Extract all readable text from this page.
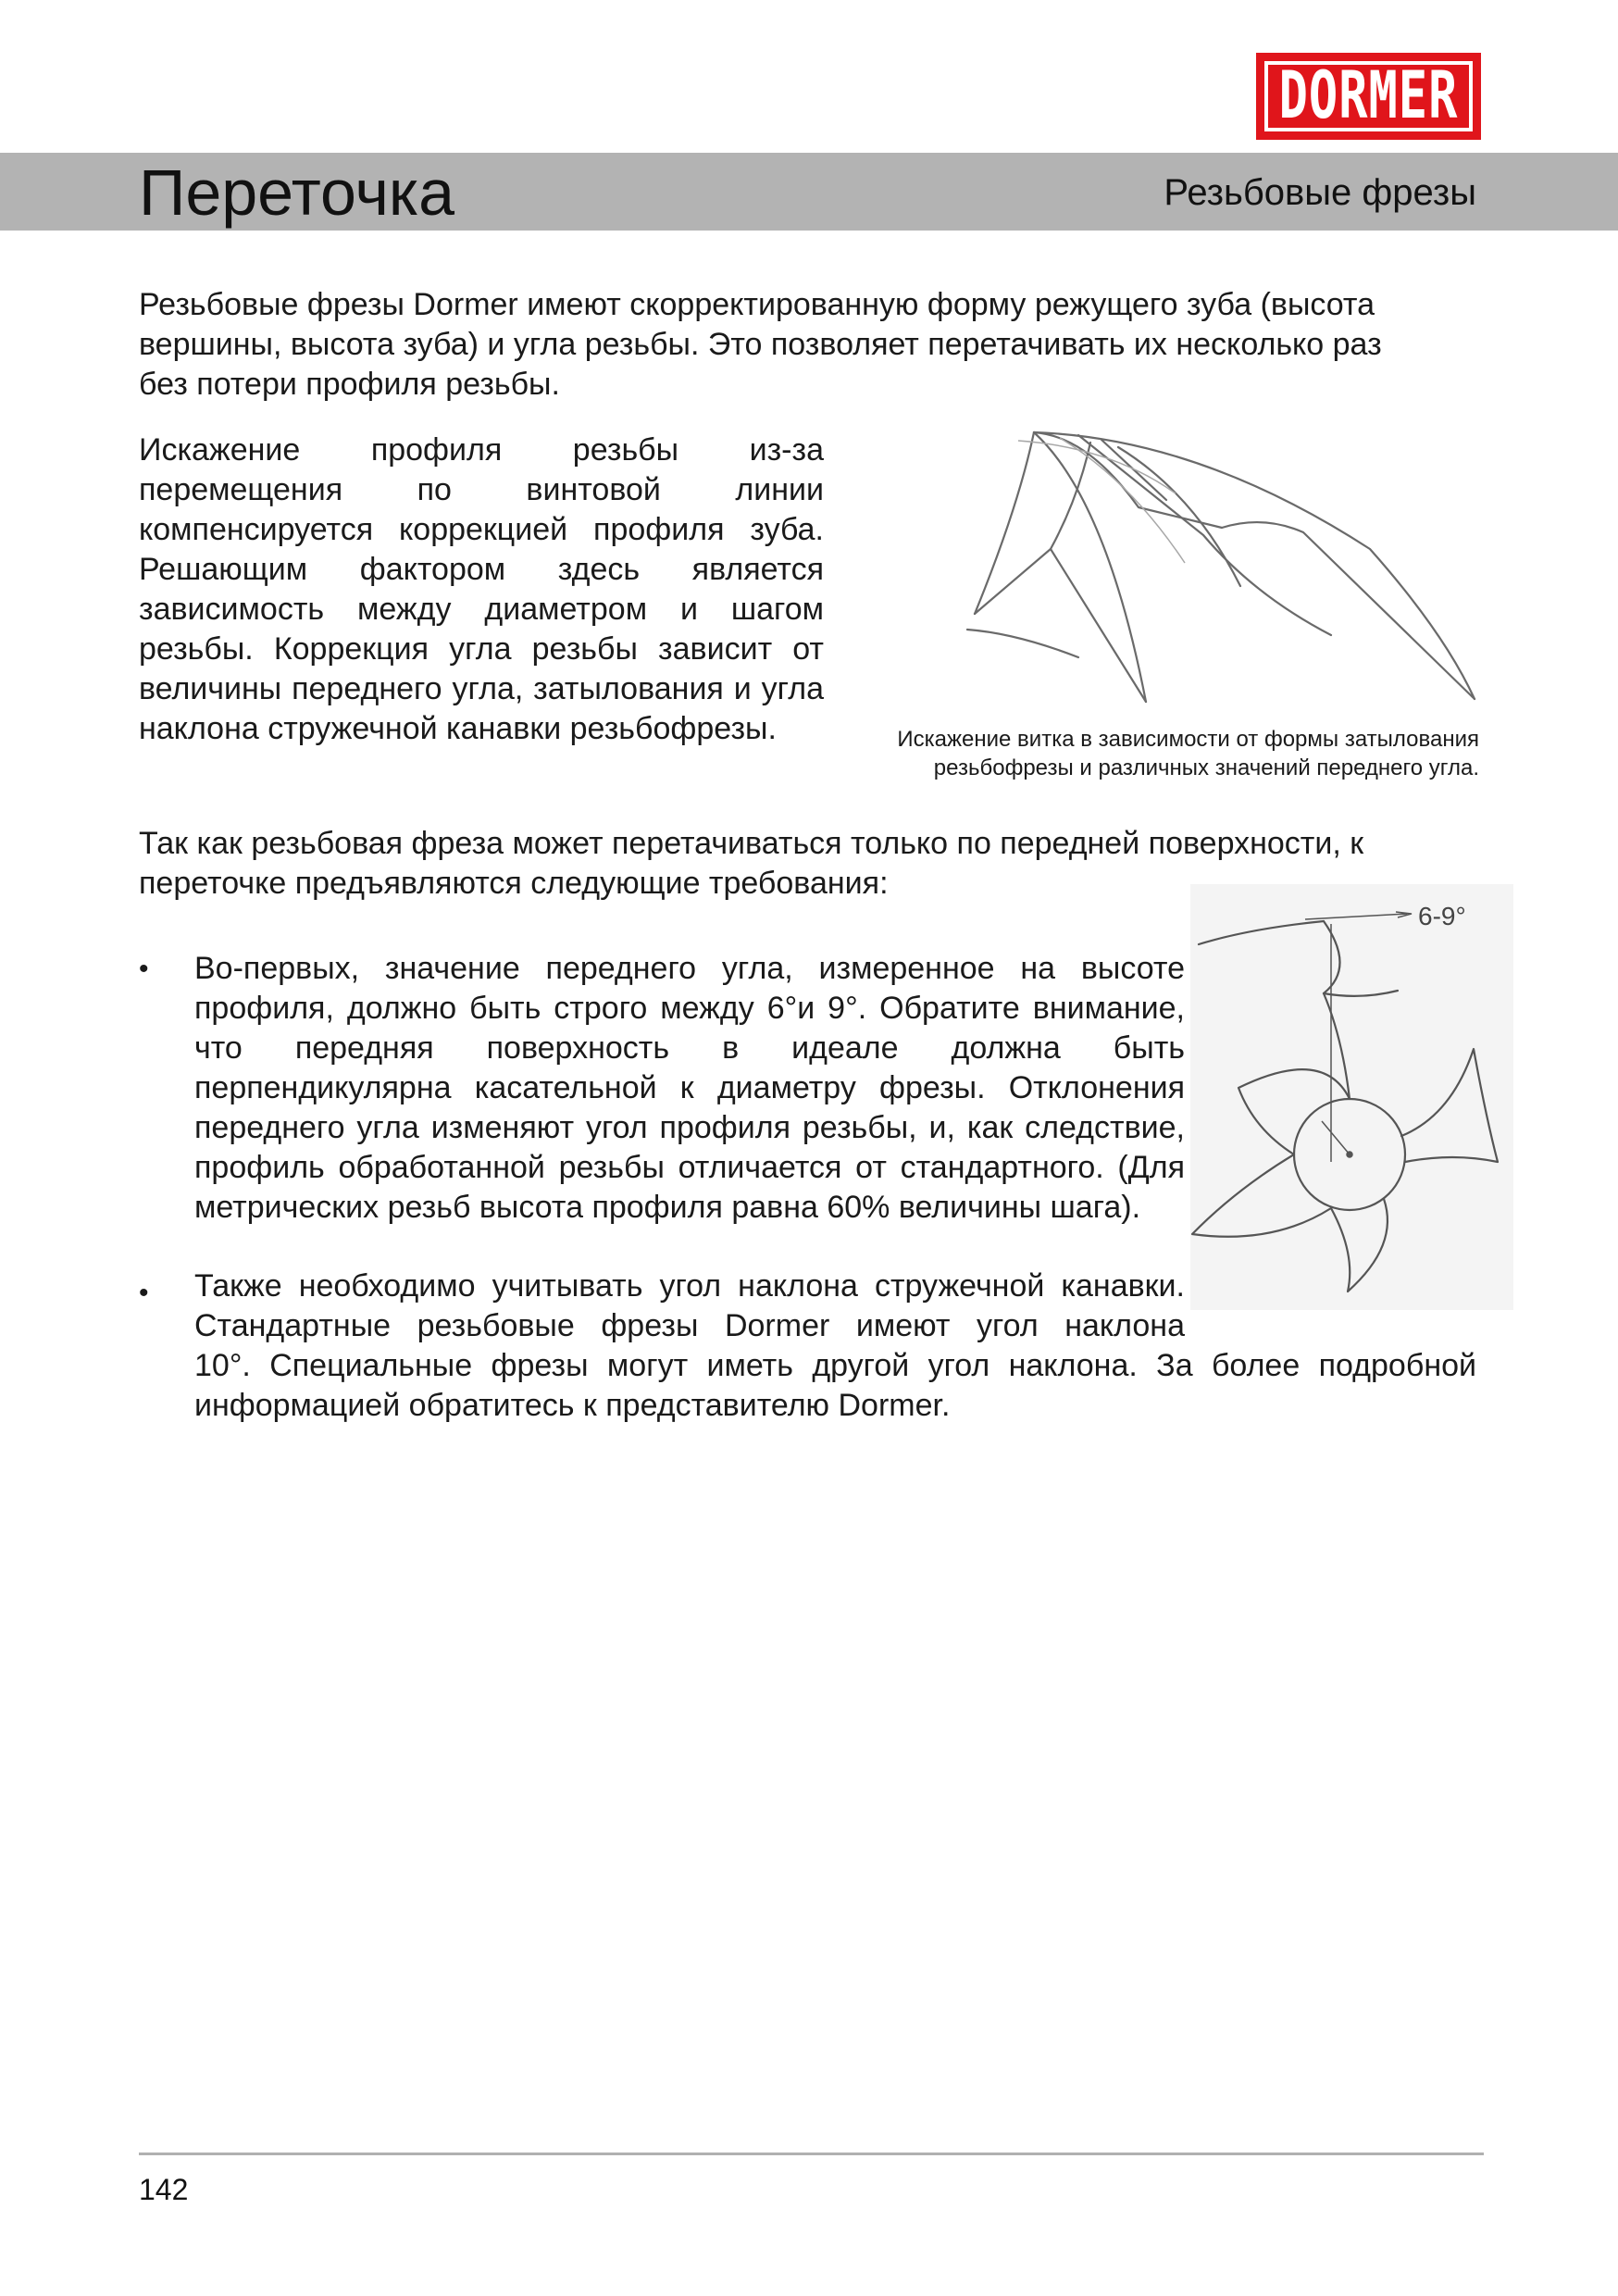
DORMER
Переточка	Резьбовые фрезы
Резьбовые фрезы Dormer имеют скорректированную форму режущего зуба (высота вершины, высота зуба) и угла резьбы. Это позволяет перетачивать их несколько раз без потери профиля резьбы.
Искажение профиля резьбы из-за перемещения по винтовой линии компенсируется коррекцией профиля зуба. Решающим фактором здесь является зависимость между диаметром и шагом резьбы. Коррекция угла резьбы зависит от величины переднего угла, затылования и угла наклона стружечной канавки резьбофрезы.	Искажение витка в зависимости от формы затылования
резьбофрезы и различных значений переднего угла.
Так как резьбовая фреза может перетачиваться только по передней поверхности, к переточке предъявляются следующие требования:
6-9°
• Во-первых, значение переднего угла, измеренное на высоте профиля, должно быть строго между 6°и 9°. Обратите внимание, что передняя поверхность в идеале должна быть перпендикулярна касательной к диаметру фрезы. Отклонения переднего угла изменяют угол профиля резьбы, и, как следствие, профиль обработанной резьбы отличается от стандартного. (Для метрических резьб высота профиля равна 60% величины шага).
• Также необходимо учитывать угол наклона стружечной канавки. Стандартные резьбовые фрезы Dormer имеют угол наклона
10°. Специальные фрезы могут иметь другой угол наклона. За более подробной информацией обратитесь к представителю Dormer.
142
